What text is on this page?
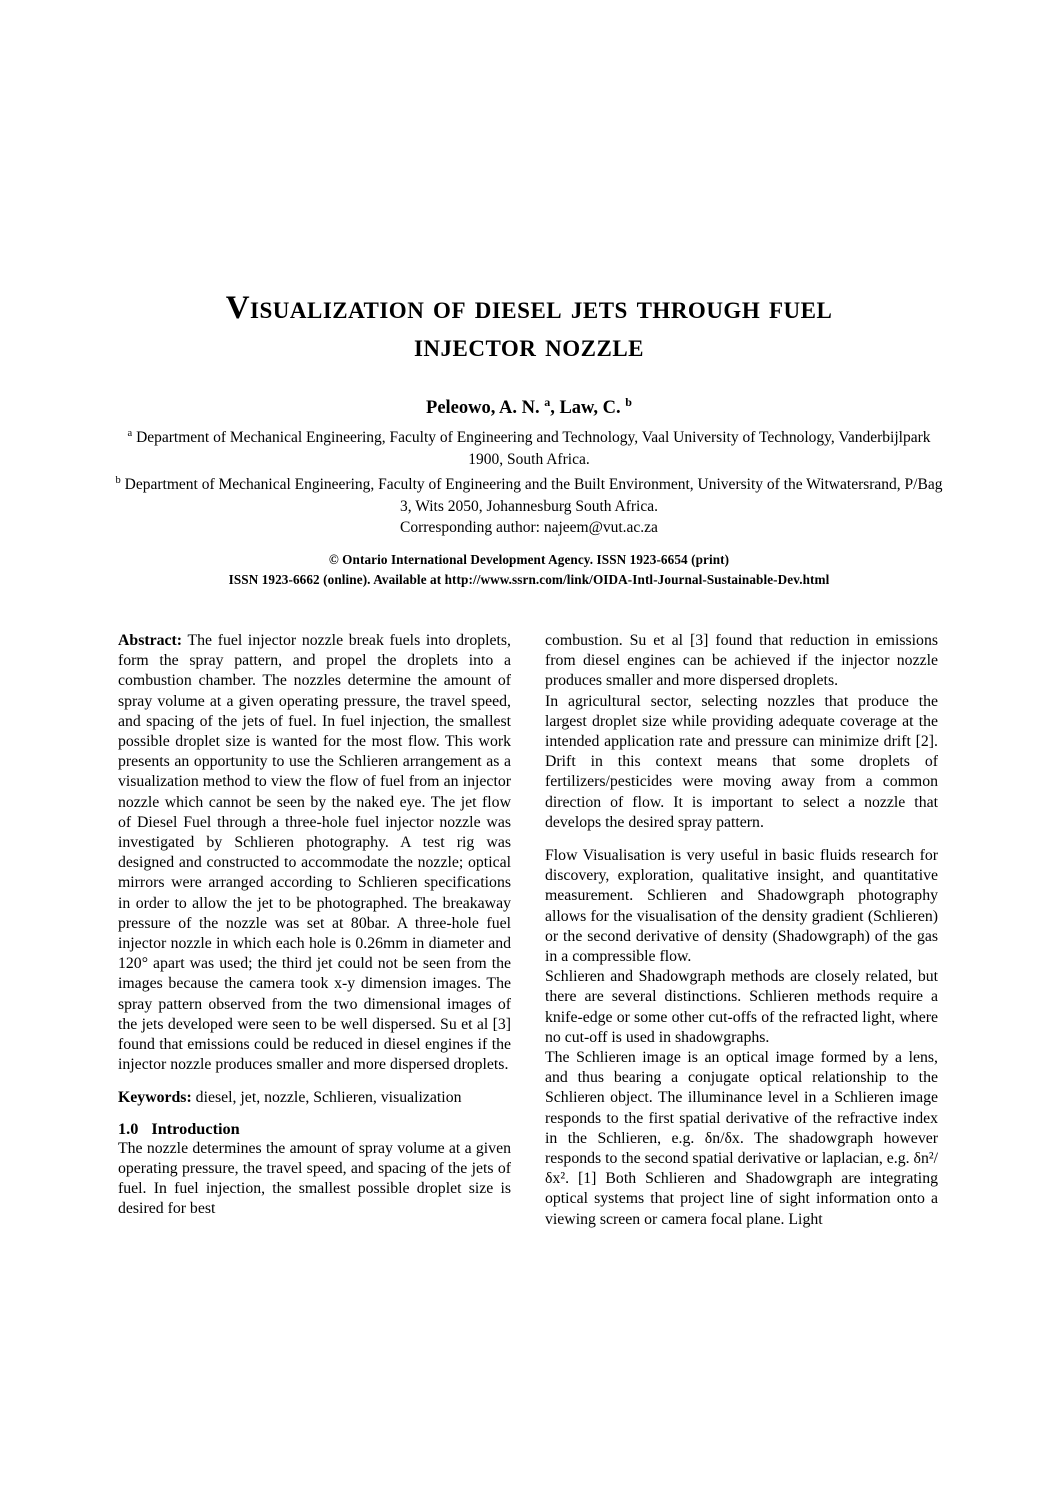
Visualization of diesel jets through fuel
injector nozzle
Peleowo, A. N. $^a$, Law, C. $^b$
$^a$ Department of Mechanical Engineering, Faculty of Engineering and Technology, Vaal University of Technology, Vanderbijlpark 1900, South Africa.
$^b$ Department of Mechanical Engineering, Faculty of Engineering and the Built Environment, University of the Witwatersrand, P/Bag 3, Wits 2050, Johannesburg South Africa.
Corresponding author: najeem@vut.ac.za
© Ontario International Development Agency. ISSN 1923-6654 (print)
ISSN 1923-6662 (online). Available at http://www.ssrn.com/link/OIDA-Intl-Journal-Sustainable-Dev.html

Abstract: The fuel injector nozzle break fuels into droplets, form the spray pattern, and propel the droplets into a combustion chamber. The nozzles determine the amount of spray volume at a given operating pressure, the travel speed, and spacing of the jets of fuel. In fuel injection, the smallest possible droplet size is wanted for the most flow. This work presents an opportunity to use the Schlieren arrangement as a visualization method to view the flow of fuel from an injector nozzle which cannot be seen by the naked eye. The jet flow of Diesel Fuel through a three-hole fuel injector nozzle was investigated by Schlieren photography. A test rig was designed and constructed to accommodate the nozzle; optical mirrors were arranged according to Schlieren specifications in order to allow the jet to be photographed. The breakaway pressure of the nozzle was set at 80bar. A three-hole fuel injector nozzle in which each hole is 0.26mm in diameter and 120° apart was used; the third jet could not be seen from the images because the camera took x-y dimension images. The spray pattern observed from the two dimensional images of the jets developed were seen to be well dispersed. Su et al [3] found that emissions could be reduced in diesel engines if the injector nozzle produces smaller and more dispersed droplets.

Keywords: diesel, jet, nozzle, Schlieren, visualization

1.0 Introduction

The nozzle determines the amount of spray volume at a given operating pressure, the travel speed, and spacing of the jets of fuel. In fuel injection, the smallest possible droplet size is desired for best

combustion. Su et al [3] found that reduction in emissions from diesel engines can be achieved if the injector nozzle produces smaller and more dispersed droplets.

In agricultural sector, selecting nozzles that produce the largest droplet size while providing adequate coverage at the intended application rate and pressure can minimize drift [2]. Drift in this context means that some droplets of fertilizers/pesticides were moving away from a common direction of flow. It is important to select a nozzle that develops the desired spray pattern.

Flow Visualisation is very useful in basic fluids research for discovery, exploration, qualitative insight, and quantitative measurement. Schlieren and Shadowgraph photography allows for the visualisation of the density gradient (Schlieren) or the second derivative of density (Shadowgraph) of the gas in a compressible flow.

Schlieren and Shadowgraph methods are closely related, but there are several distinctions. Schlieren methods require a knife-edge or some other cut-offs of the refracted light, where no cut-off is used in shadowgraphs.

The Schlieren image is an optical image formed by a lens, and thus bearing a conjugate optical relationship to the Schlieren object. The illuminance level in a Schlieren image responds to the first spatial derivative of the refractive index in the Schlieren, e.g. δn/δx. The shadowgraph however responds to the second spatial derivative or laplacian, e.g. δn²/δx². [1] Both Schlieren and Shadowgraph are integrating optical systems that project line of sight information onto a viewing screen or camera focal plane. Light
